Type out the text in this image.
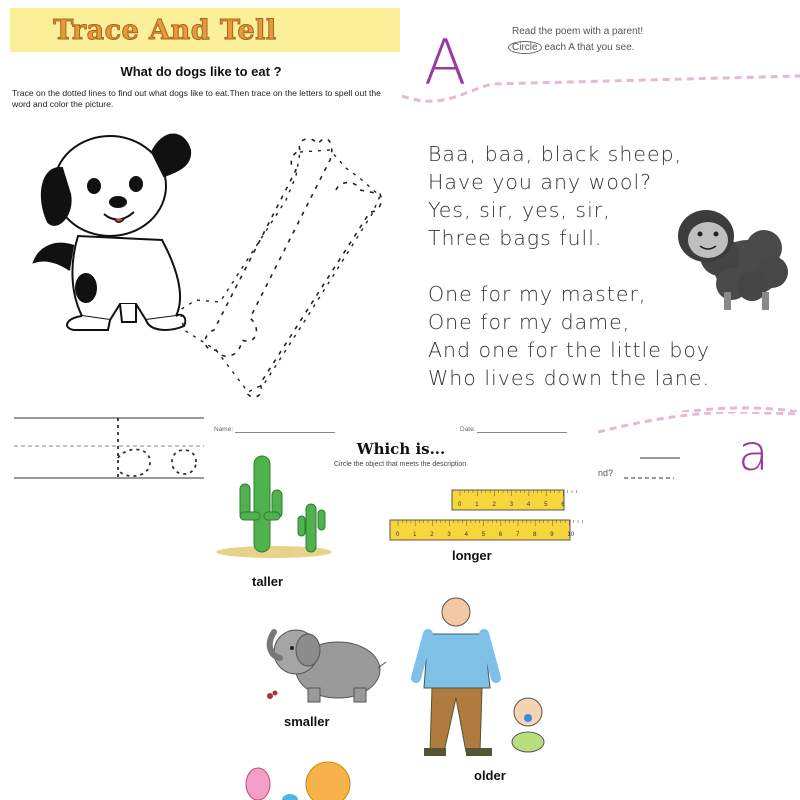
A	Read the poem with a parent!
Circle each A that you see.
Baa, baa, black sheep,
Have you any wool?
Yes, sir, yes, sir,
Three bags full.
One for my master,
One for my dame,
And one for the little boy
Who lives down the lane.
a
nd?
Trace And Tell
What do dogs like to eat ?
Trace on the dotted lines to find out what dogs like to eat.Then trace on the letters to spell out the word and color the picture.
Name:	Date:
Which is...
Circle the object that meets the description.
0 1 2 3 4 5 6
0 1 2 3 4 5 6 7 8 9 10
taller
longer
smaller
older
